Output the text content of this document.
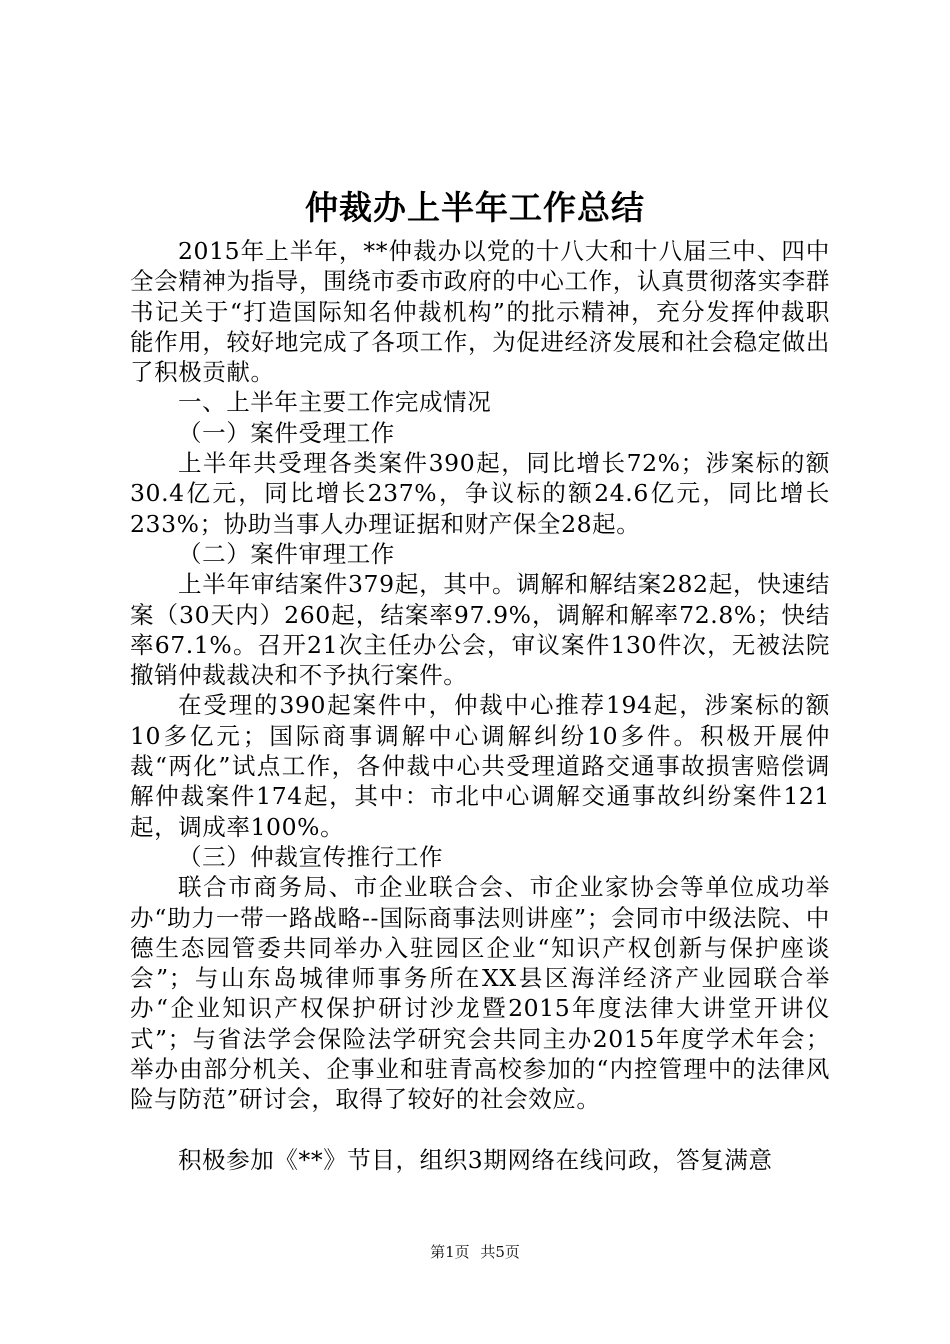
仲裁办上半年工作总结

2015年上半年，**仲裁办以党的十八大和十八届三中、四中全会精神为指导，围绕市委市政府的中心工作，认真贯彻落实李群书记关于“打造国际知名仲裁机构”的批示精神，充分发挥仲裁职能作用，较好地完成了各项工作，为促进经济发展和社会稳定做出了积极贡献。

一、上半年主要工作完成情况

（一）案件受理工作

上半年共受理各类案件390起，同比增长72%；涉案标的额30.4亿元，同比增长237%，争议标的额24.6亿元，同比增长233%；协助当事人办理证据和财产保全28起。

（二）案件审理工作

上半年审结案件379起，其中。调解和解结案282起，快速结案（30天内）260起，结案率97.9%，调解和解率72.8%；快结率67.1%。召开21次主任办公会，审议案件130件次，无被法院撤销仲裁裁决和不予执行案件。

在受理的390起案件中，仲裁中心推荐194起，涉案标的额10多亿元；国际商事调解中心调解纠纷10多件。积极开展仲裁“两化”试点工作，各仲裁中心共受理道路交通事故损害赔偿调解仲裁案件174起，其中：市北中心调解交通事故纠纷案件121起，调成率100%。

（三）仲裁宣传推行工作

联合市商务局、市企业联合会、市企业家协会等单位成功举办“助力一带一路战略--国际商事法则讲座”；会同市中级法院、中德生态园管委共同举办入驻园区企业“知识产权创新与保护座谈会”；与山东岛城律师事务所在XX县区海洋经济产业园联合举办“企业知识产权保护研讨沙龙暨2015年度法律大讲堂开讲仪式”；与省法学会保险法学研究会共同主办2015年度学术年会；举办由部分机关、企事业和驻青高校参加的“内控管理中的法律风险与防范”研讨会，取得了较好的社会效应。

积极参加《**》节目，组织3期网络在线问政，答复满意

第1页 共5页
